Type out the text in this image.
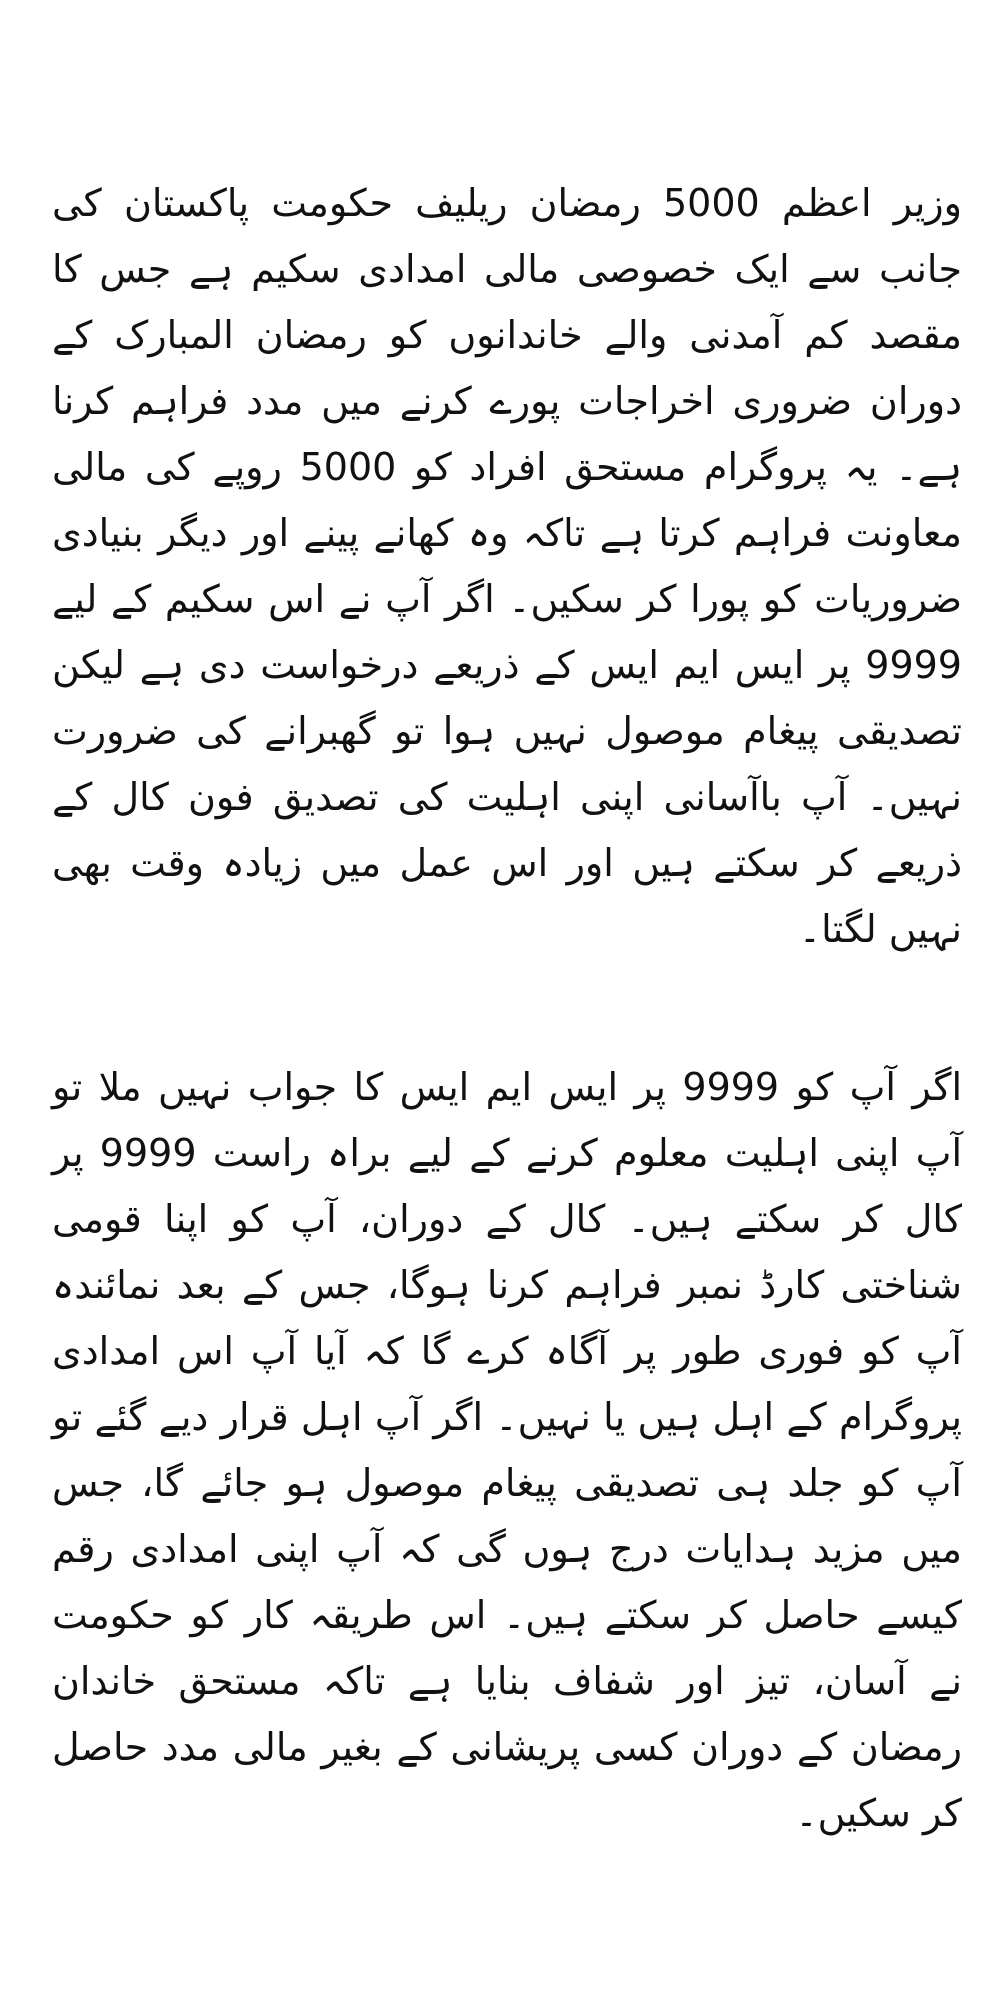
وزیر اعظم 5000 رمضان ریلیف حکومت پاکستان کی جانب سے ایک خصوصی مالی امدادی سکیم ہے جس کا مقصد کم آمدنی والے خاندانوں کو رمضان المبارک کے دوران ضروری اخراجات پورے کرنے میں مدد فراہم کرنا ہے۔ یہ پروگرام مستحق افراد کو 5000 روپے کی مالی معاونت فراہم کرتا ہے تاکہ وہ کھانے پینے اور دیگر بنیادی ضروریات کو پورا کر سکیں۔ اگر آپ نے اس سکیم کے لیے 9999 پر ایس ایم ایس کے ذریعے درخواست دی ہے لیکن تصدیقی پیغام موصول نہیں ہوا تو گھبرانے کی ضرورت نہیں۔ آپ باآسانی اپنی اہلیت کی تصدیق فون کال کے ذریعے کر سکتے ہیں اور اس عمل میں زیادہ وقت بھی نہیں لگتا۔

اگر آپ کو 9999 پر ایس ایم ایس کا جواب نہیں ملا تو آپ اپنی اہلیت معلوم کرنے کے لیے براہ راست 9999 پر کال کر سکتے ہیں۔ کال کے دوران، آپ کو اپنا قومی شناختی کارڈ نمبر فراہم کرنا ہوگا، جس کے بعد نمائندہ آپ کو فوری طور پر آگاہ کرے گا کہ آیا آپ اس امدادی پروگرام کے اہل ہیں یا نہیں۔ اگر آپ اہل قرار دیے گئے تو آپ کو جلد ہی تصدیقی پیغام موصول ہو جائے گا، جس میں مزید ہدایات درج ہوں گی کہ آپ اپنی امدادی رقم کیسے حاصل کر سکتے ہیں۔ اس طریقہ کار کو حکومت نے آسان، تیز اور شفاف بنایا ہے تاکہ مستحق خاندان رمضان کے دوران کسی پریشانی کے بغیر مالی مدد حاصل کر سکیں۔
